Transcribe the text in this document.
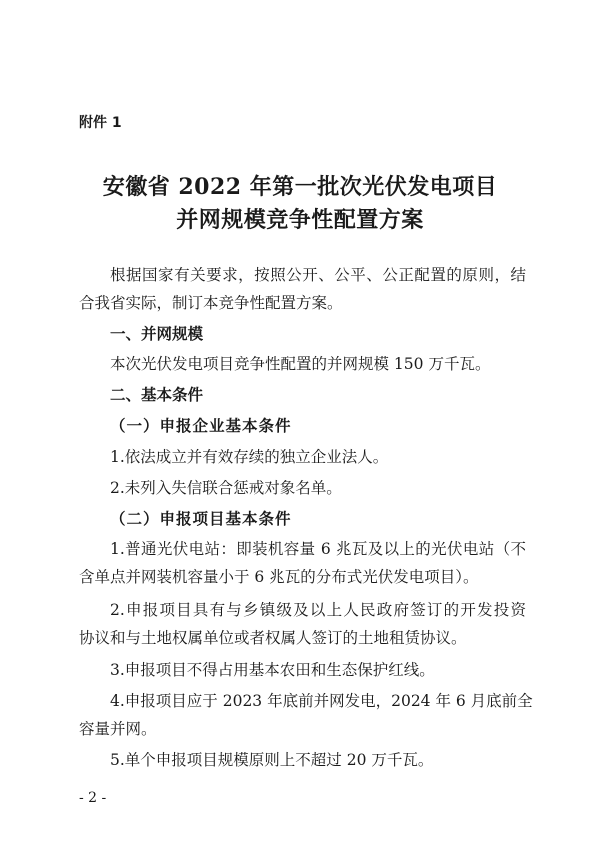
附件 1
安徽省 2022 年第一批次光伏发电项目
并网规模竞争性配置方案
根据国家有关要求，按照公开、公平、公正配置的原则，结
合我省实际，制订本竞争性配置方案。
一、并网规模
本次光伏发电项目竞争性配置的并网规模 150 万千瓦。
二、基本条件
（一）申报企业基本条件
1.依法成立并有效存续的独立企业法人。
2.未列入失信联合惩戒对象名单。
（二）申报项目基本条件
1.普通光伏电站：即装机容量 6 兆瓦及以上的光伏电站（不
含单点并网装机容量小于 6 兆瓦的分布式光伏发电项目）。
2.申报项目具有与乡镇级及以上人民政府签订的开发投资
协议和与土地权属单位或者权属人签订的土地租赁协议。
3.申报项目不得占用基本农田和生态保护红线。
4.申报项目应于 2023 年底前并网发电，2024 年 6 月底前全
容量并网。
5.单个申报项目规模原则上不超过 20 万千瓦。
- 2 -
